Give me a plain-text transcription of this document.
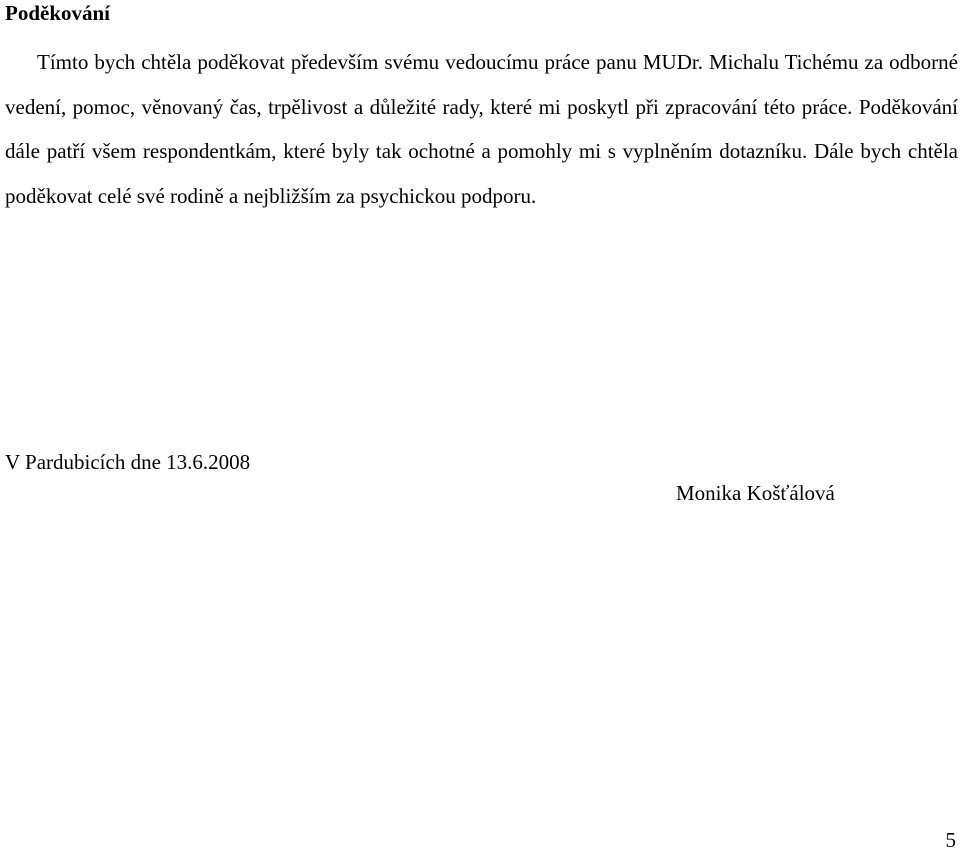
Poděkování

Tímto bych chtěla poděkovat především svému vedoucímu práce panu MUDr. Michalu Tichému za odborné vedení, pomoc, věnovaný čas, trpělivost a důležité rady, které mi poskytl při zpracování této práce. Poděkování dále patří všem respondentkám, které byly tak ochotné a pomohly mi s vyplněním dotazníku. Dále bych chtěla poděkovat celé své rodině a nejbližším za psychickou podporu.

V Pardubicích dne 13.6.2008
Monika Košťálová
5
